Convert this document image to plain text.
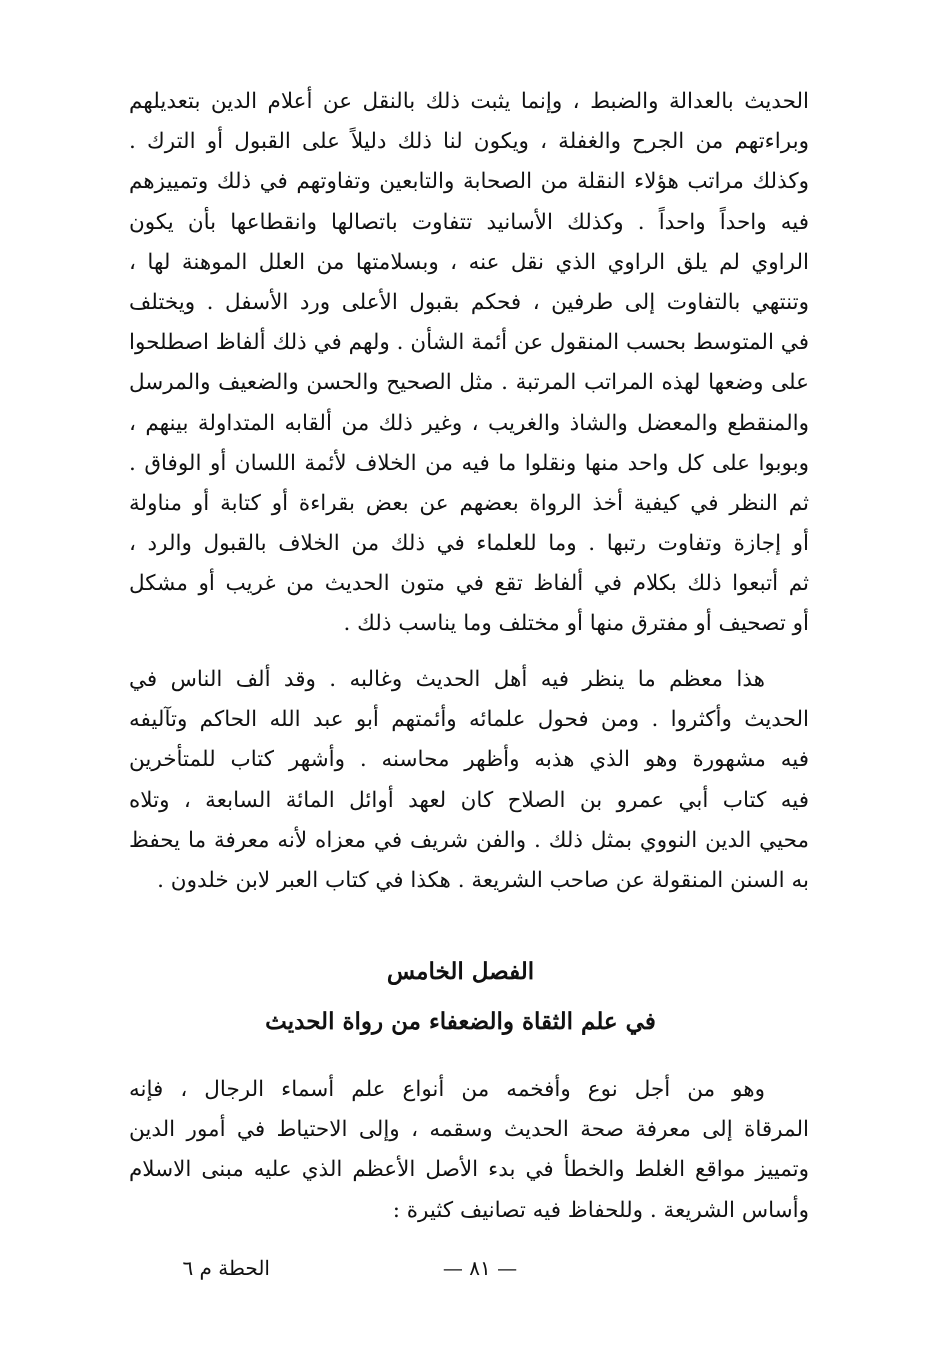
الحديث بالعدالة والضبط ، وإنما يثبت ذلك بالنقل عن أعلام الدين بتعديلهم
وبراءتهم من الجرح والغفلة ، ويكون لنا ذلك دليلاً على القبول أو الترك .
وكذلك مراتب هؤلاء النقلة من الصحابة والتابعين وتفاوتهم في ذلك وتمييزهم
فيه واحداً واحداً . وكذلك الأسانيد تتفاوت باتصالها وانقطاعها بأن يكون
الراوي لم يلق الراوي الذي نقل عنه ، وبسلامتها من العلل الموهنة لها ،
وتنتهي بالتفاوت إلى طرفين ، فحكم بقبول الأعلى ورد الأسفل . ويختلف
في المتوسط بحسب المنقول عن أئمة الشأن . ولهم في ذلك ألفاظ اصطلحوا
على وضعها لهذه المراتب المرتبة . مثل الصحيح والحسن والضعيف والمرسل
والمنقطع والمعضل والشاذ والغريب ، وغير ذلك من ألقابه المتداولة بينهم ،
وبوبوا على كل واحد منها ونقلوا ما فيه من الخلاف لأئمة اللسان أو الوفاق .
ثم النظر في كيفية أخذ الرواة بعضهم عن بعض بقراءة أو كتابة أو مناولة
أو إجازة وتفاوت رتبها . وما للعلماء في ذلك من الخلاف بالقبول والرد ،
ثم أتبعوا ذلك بكلام في ألفاظ تقع في متون الحديث من غريب أو مشكل
أو تصحيف أو مفترق منها أو مختلف وما يناسب ذلك .
هذا معظم ما ينظر فيه أهل الحديث وغالبه . وقد ألف الناس في
الحديث وأكثروا . ومن فحول علمائه وأئمتهم أبو عبد الله الحاكم وتآليفه
فيه مشهورة وهو الذي هذبه وأظهر محاسنه . وأشهر كتاب للمتأخرين
فيه كتاب أبي عمرو بن الصلاح كان لعهد أوائل المائة السابعة ، وتلاه
محيي الدين النووي بمثل ذلك . والفن شريف في معزاه لأنه معرفة ما يحفظ
به السنن المنقولة عن صاحب الشريعة . هكذا في كتاب العبر لابن خلدون .
الفصل الخامس
في علم الثقاة والضعفاء من رواة الحديث
وهو من أجل نوع وأفخمه من أنواع علم أسماء الرجال ، فإنه
المرقاة إلى معرفة صحة الحديث وسقمه ، وإلى الاحتياط في أمور الدين
وتمييز مواقع الغلط والخطأ في بدء الأصل الأعظم الذي عليه مبنى الاسلام
وأساس الشريعة . وللحفاظ فيه تصانيف كثيرة :
— ٨١ —
الحطة م ٦
